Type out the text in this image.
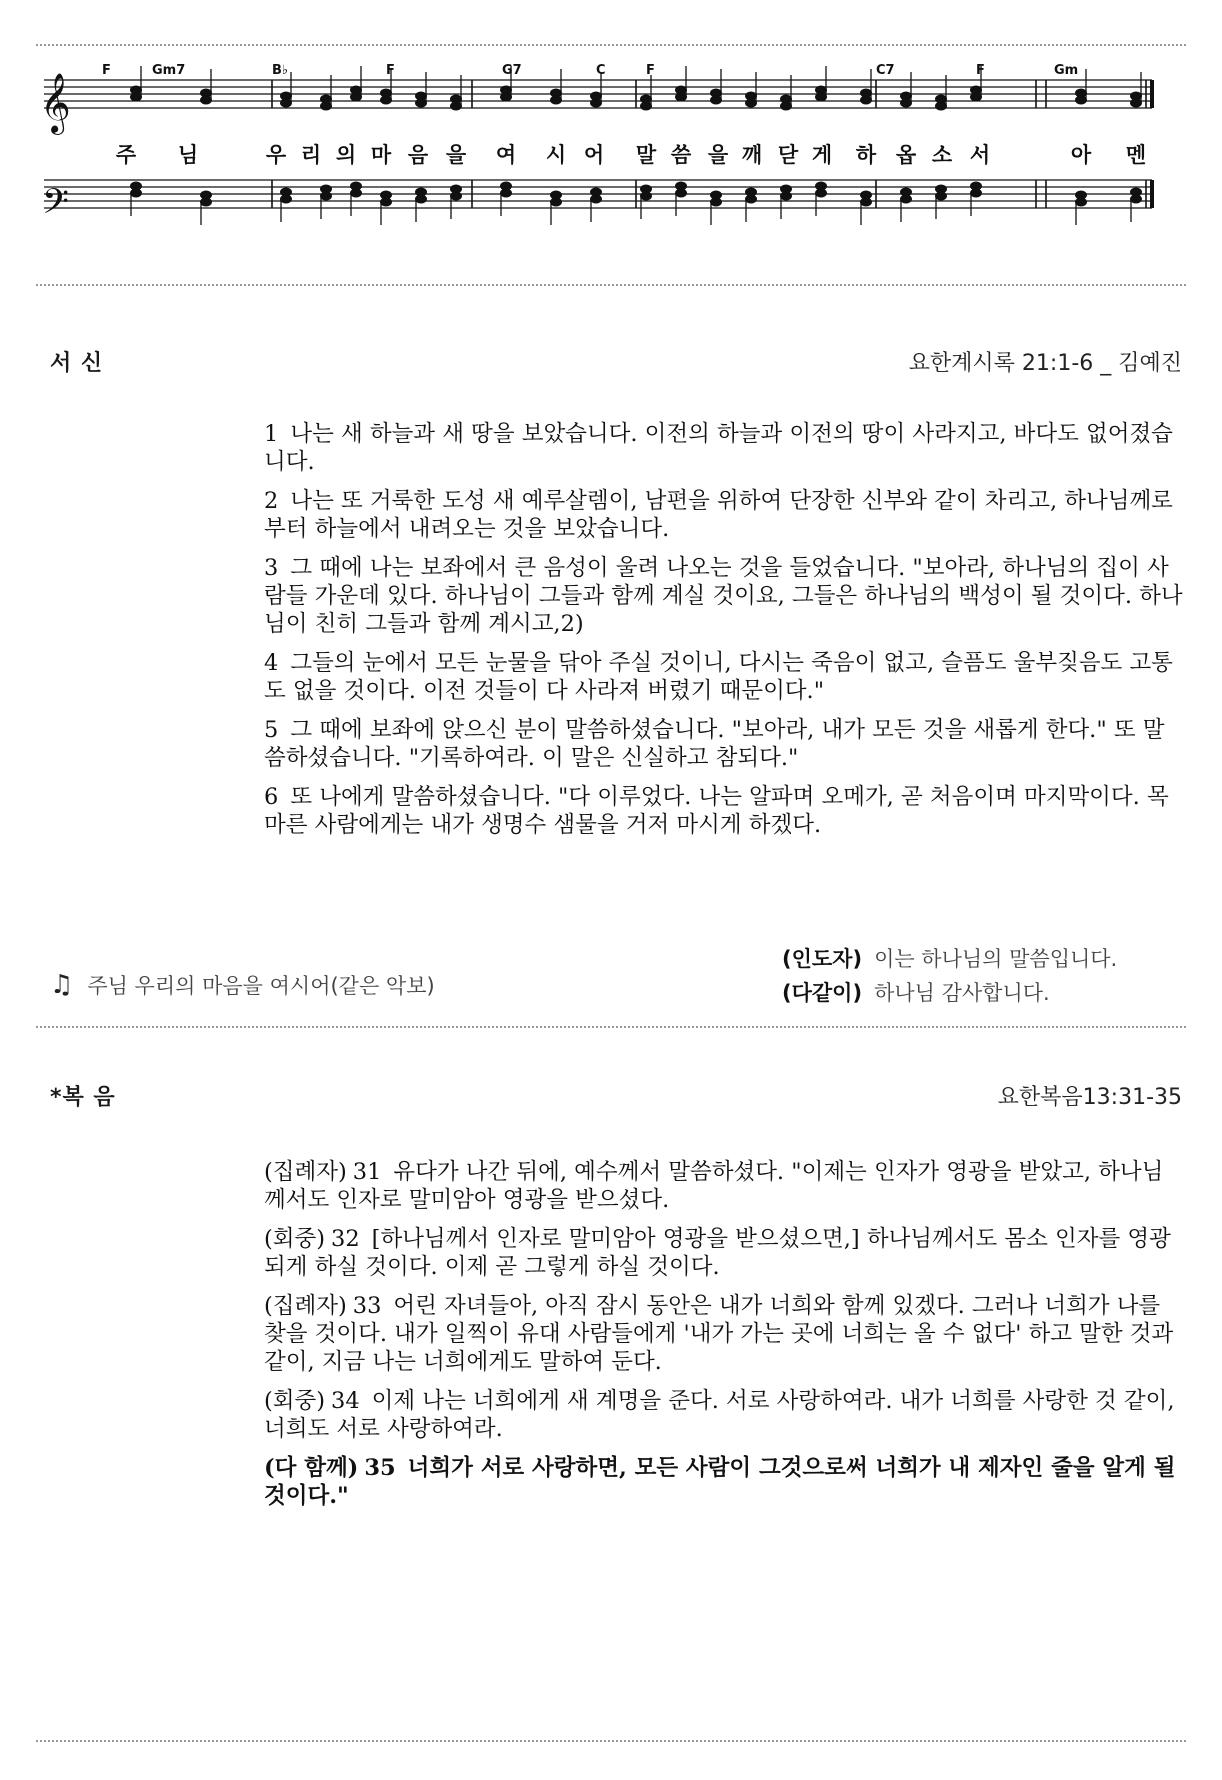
F	Gm7	B♭	F	G7	C	F	C7	F	Gm
주 님	우 리 의 마 음 을 여 시 어 말 씀 을 깨 닫 게 하 옵 소 서	아 멘
𝄞
𝄢
서 신	요한계시록 21:1-6 _ 김예진

1 나는 새 하늘과 새 땅을 보았습니다. 이전의 하늘과 이전의 땅이 사라지고, 바다도 없어졌습니다.

2 나는 또 거룩한 도성 새 예루살렘이, 남편을 위하여 단장한 신부와 같이 차리고, 하나님께로부터 하늘에서 내려오는 것을 보았습니다.

3 그 때에 나는 보좌에서 큰 음성이 울려 나오는 것을 들었습니다. "보아라, 하나님의 집이 사람들 가운데 있다. 하나님이 그들과 함께 계실 것이요, 그들은 하나님의 백성이 될 것이다. 하나님이 친히 그들과 함께 계시고,2)

4 그들의 눈에서 모든 눈물을 닦아 주실 것이니, 다시는 죽음이 없고, 슬픔도 울부짖음도 고통도 없을 것이다. 이전 것들이 다 사라져 버렸기 때문이다."

5 그 때에 보좌에 앉으신 분이 말씀하셨습니다. "보아라, 내가 모든 것을 새롭게 한다." 또 말씀하셨습니다. "기록하여라. 이 말은 신실하고 참되다."

6 또 나에게 말씀하셨습니다. "다 이루었다. 나는 알파며 오메가, 곧 처음이며 마지막이다. 목마른 사람에게는 내가 생명수 샘물을 거저 마시게 하겠다.

♫ 주님 우리의 마음을 여시어(같은 악보)
(인도자) 이는 하나님의 말씀입니다.
(다같이) 하나님 감사합니다.
*복 음	요한복음13:31-35

(집례자) 31 유다가 나간 뒤에, 예수께서 말씀하셨다. "이제는 인자가 영광을 받았고, 하나님께서도 인자로 말미암아 영광을 받으셨다.

(회중) 32 [하나님께서 인자로 말미암아 영광을 받으셨으면,] 하나님께서도 몸소 인자를 영광되게 하실 것이다. 이제 곧 그렇게 하실 것이다.

(집례자) 33 어린 자녀들아, 아직 잠시 동안은 내가 너희와 함께 있겠다. 그러나 너희가 나를 찾을 것이다. 내가 일찍이 유대 사람들에게 '내가 가는 곳에 너희는 올 수 없다' 하고 말한 것과 같이, 지금 나는 너희에게도 말하여 둔다.

(회중) 34 이제 나는 너희에게 새 계명을 준다. 서로 사랑하여라. 내가 너희를 사랑한 것 같이, 너희도 서로 사랑하여라.

(다 함께) 35 너희가 서로 사랑하면, 모든 사람이 그것으로써 너희가 내 제자인 줄을 알게 될 것이다."
